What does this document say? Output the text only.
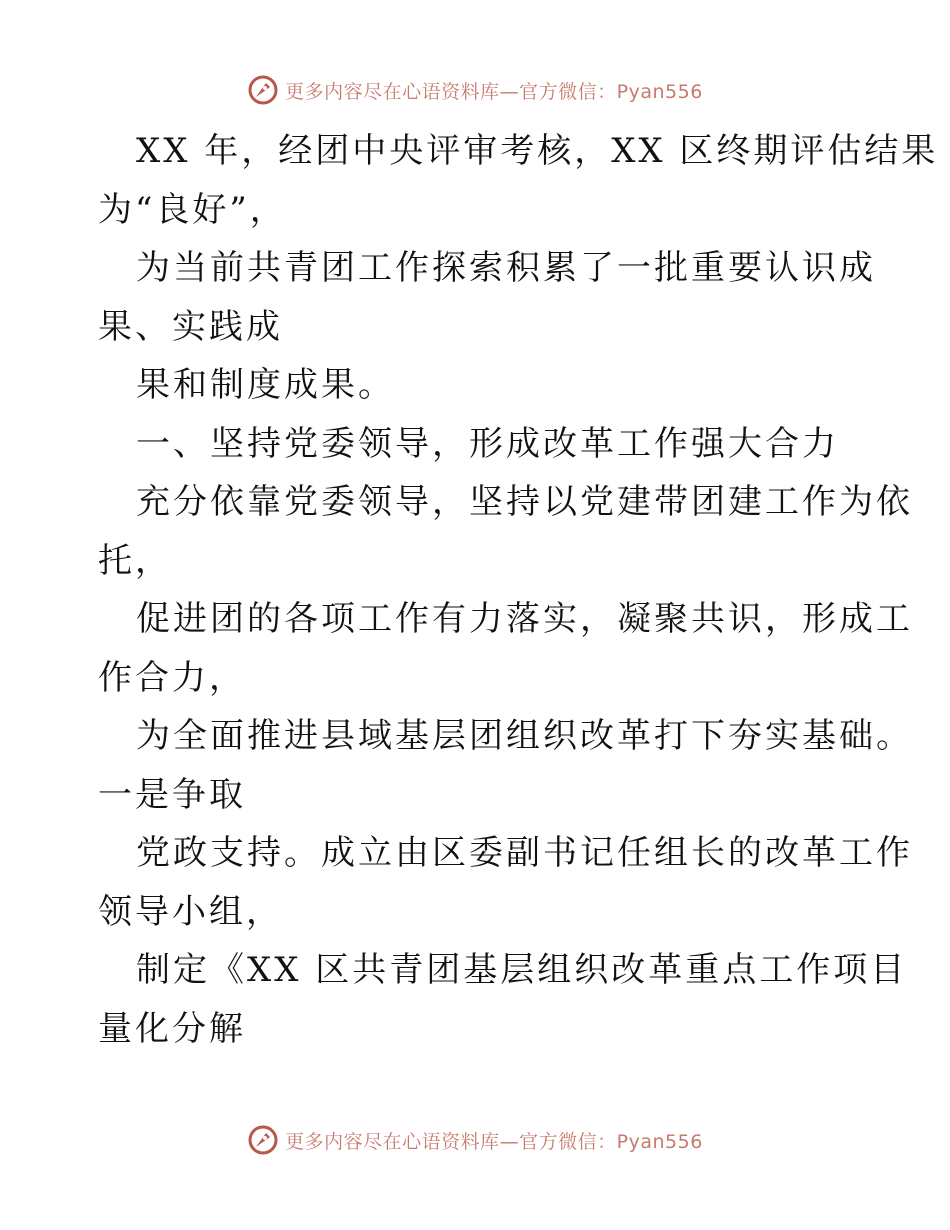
更多内容尽在心语资料库—官方微信：Pyan556
XX 年，经团中央评审考核，XX 区终期评估结果
为“良好”，
为当前共青团工作探索积累了一批重要认识成
果、实践成
果和制度成果。
一、坚持党委领导，形成改革工作强大合力
充分依靠党委领导，坚持以党建带团建工作为依
托，
促进团的各项工作有力落实，凝聚共识，形成工
作合力，
为全面推进县域基层团组织改革打下夯实基础。
一是争取
党政支持。成立由区委副书记任组长的改革工作
领导小组，
制定《XX 区共青团基层组织改革重点工作项目
量化分解
更多内容尽在心语资料库—官方微信：Pyan556
